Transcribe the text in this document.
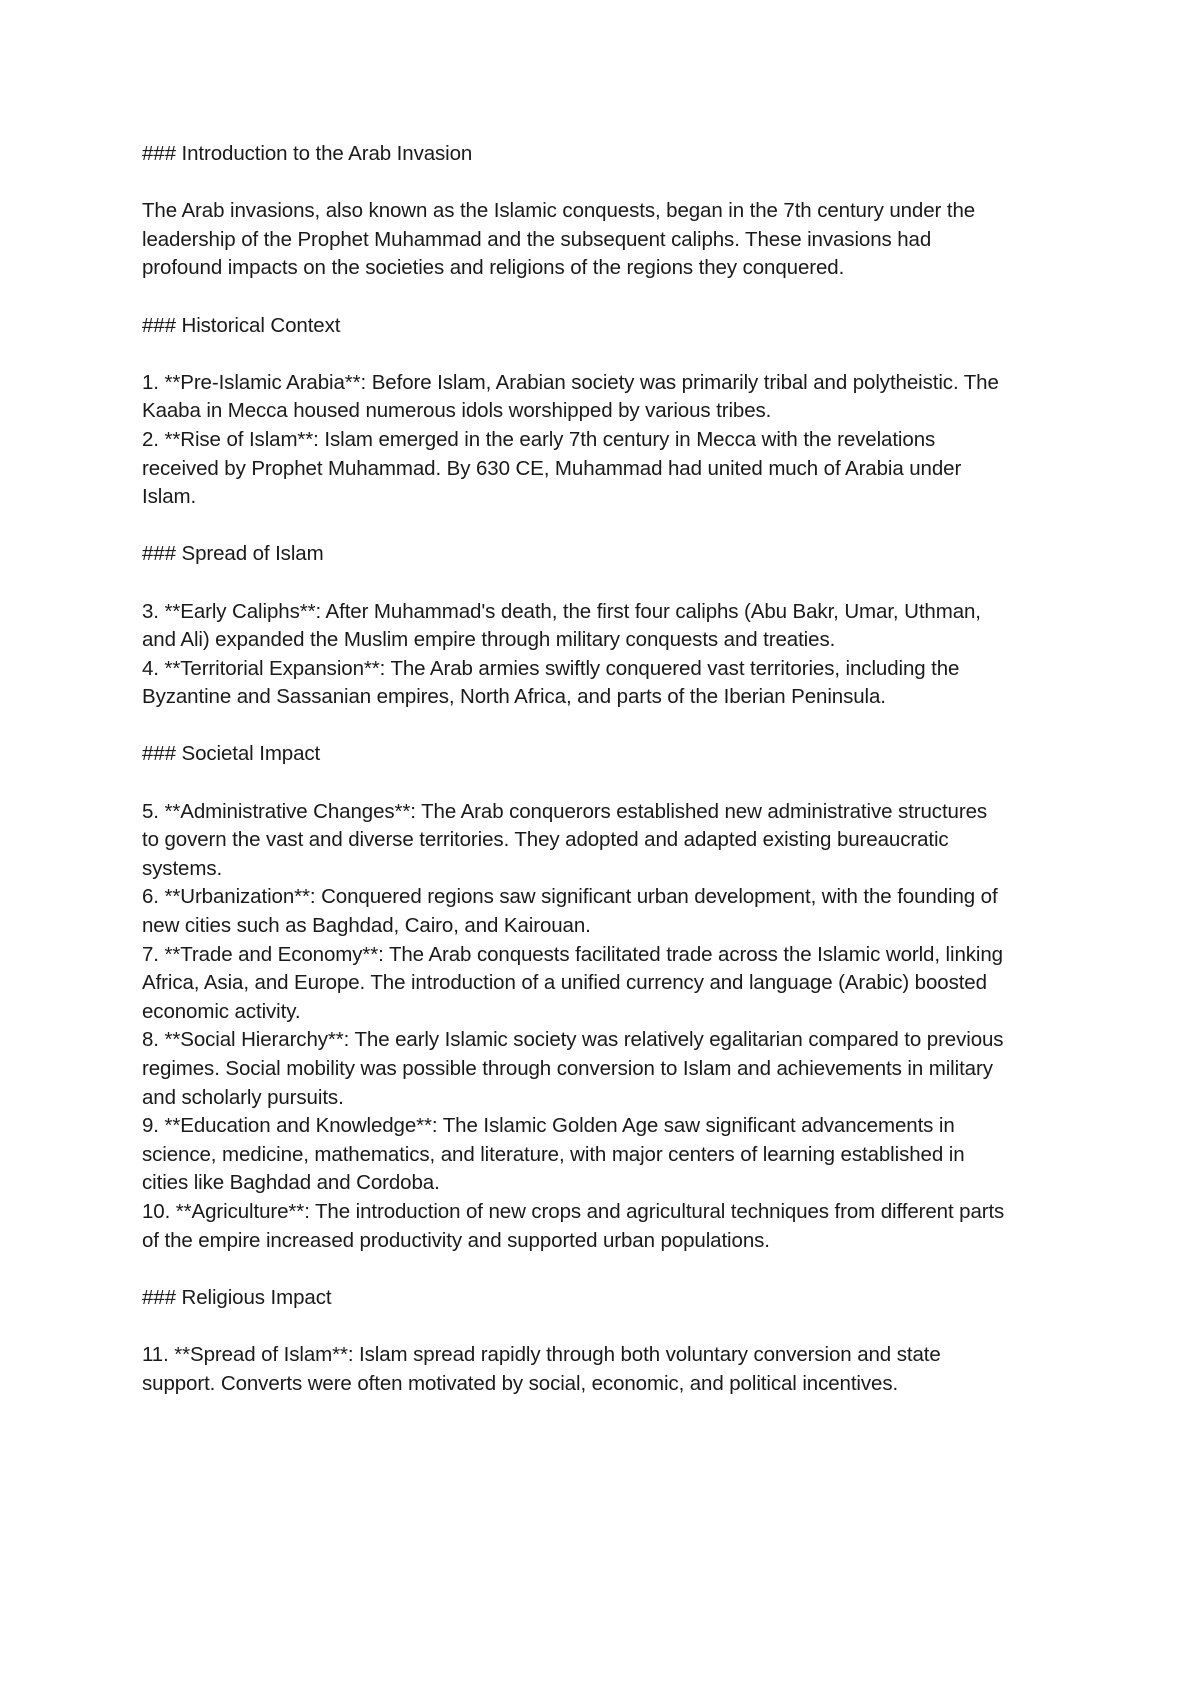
### Introduction to the Arab Invasion

The Arab invasions, also known as the Islamic conquests, began in the 7th century under the

leadership of the Prophet Muhammad and the subsequent caliphs. These invasions had

profound impacts on the societies and religions of the regions they conquered.

### Historical Context

1. **Pre-Islamic Arabia**: Before Islam, Arabian society was primarily tribal and polytheistic. The

Kaaba in Mecca housed numerous idols worshipped by various tribes.

2. **Rise of Islam**: Islam emerged in the early 7th century in Mecca with the revelations

received by Prophet Muhammad. By 630 CE, Muhammad had united much of Arabia under

Islam.

### Spread of Islam

3. **Early Caliphs**: After Muhammad's death, the first four caliphs (Abu Bakr, Umar, Uthman,

and Ali) expanded the Muslim empire through military conquests and treaties.

4. **Territorial Expansion**: The Arab armies swiftly conquered vast territories, including the

Byzantine and Sassanian empires, North Africa, and parts of the Iberian Peninsula.

### Societal Impact

5. **Administrative Changes**: The Arab conquerors established new administrative structures

to govern the vast and diverse territories. They adopted and adapted existing bureaucratic

systems.

6. **Urbanization**: Conquered regions saw significant urban development, with the founding of

new cities such as Baghdad, Cairo, and Kairouan.

7. **Trade and Economy**: The Arab conquests facilitated trade across the Islamic world, linking

Africa, Asia, and Europe. The introduction of a unified currency and language (Arabic) boosted

economic activity.

8. **Social Hierarchy**: The early Islamic society was relatively egalitarian compared to previous

regimes. Social mobility was possible through conversion to Islam and achievements in military

and scholarly pursuits.

9. **Education and Knowledge**: The Islamic Golden Age saw significant advancements in

science, medicine, mathematics, and literature, with major centers of learning established in

cities like Baghdad and Cordoba.

10. **Agriculture**: The introduction of new crops and agricultural techniques from different parts

of the empire increased productivity and supported urban populations.

### Religious Impact

11. **Spread of Islam**: Islam spread rapidly through both voluntary conversion and state

support. Converts were often motivated by social, economic, and political incentives.
